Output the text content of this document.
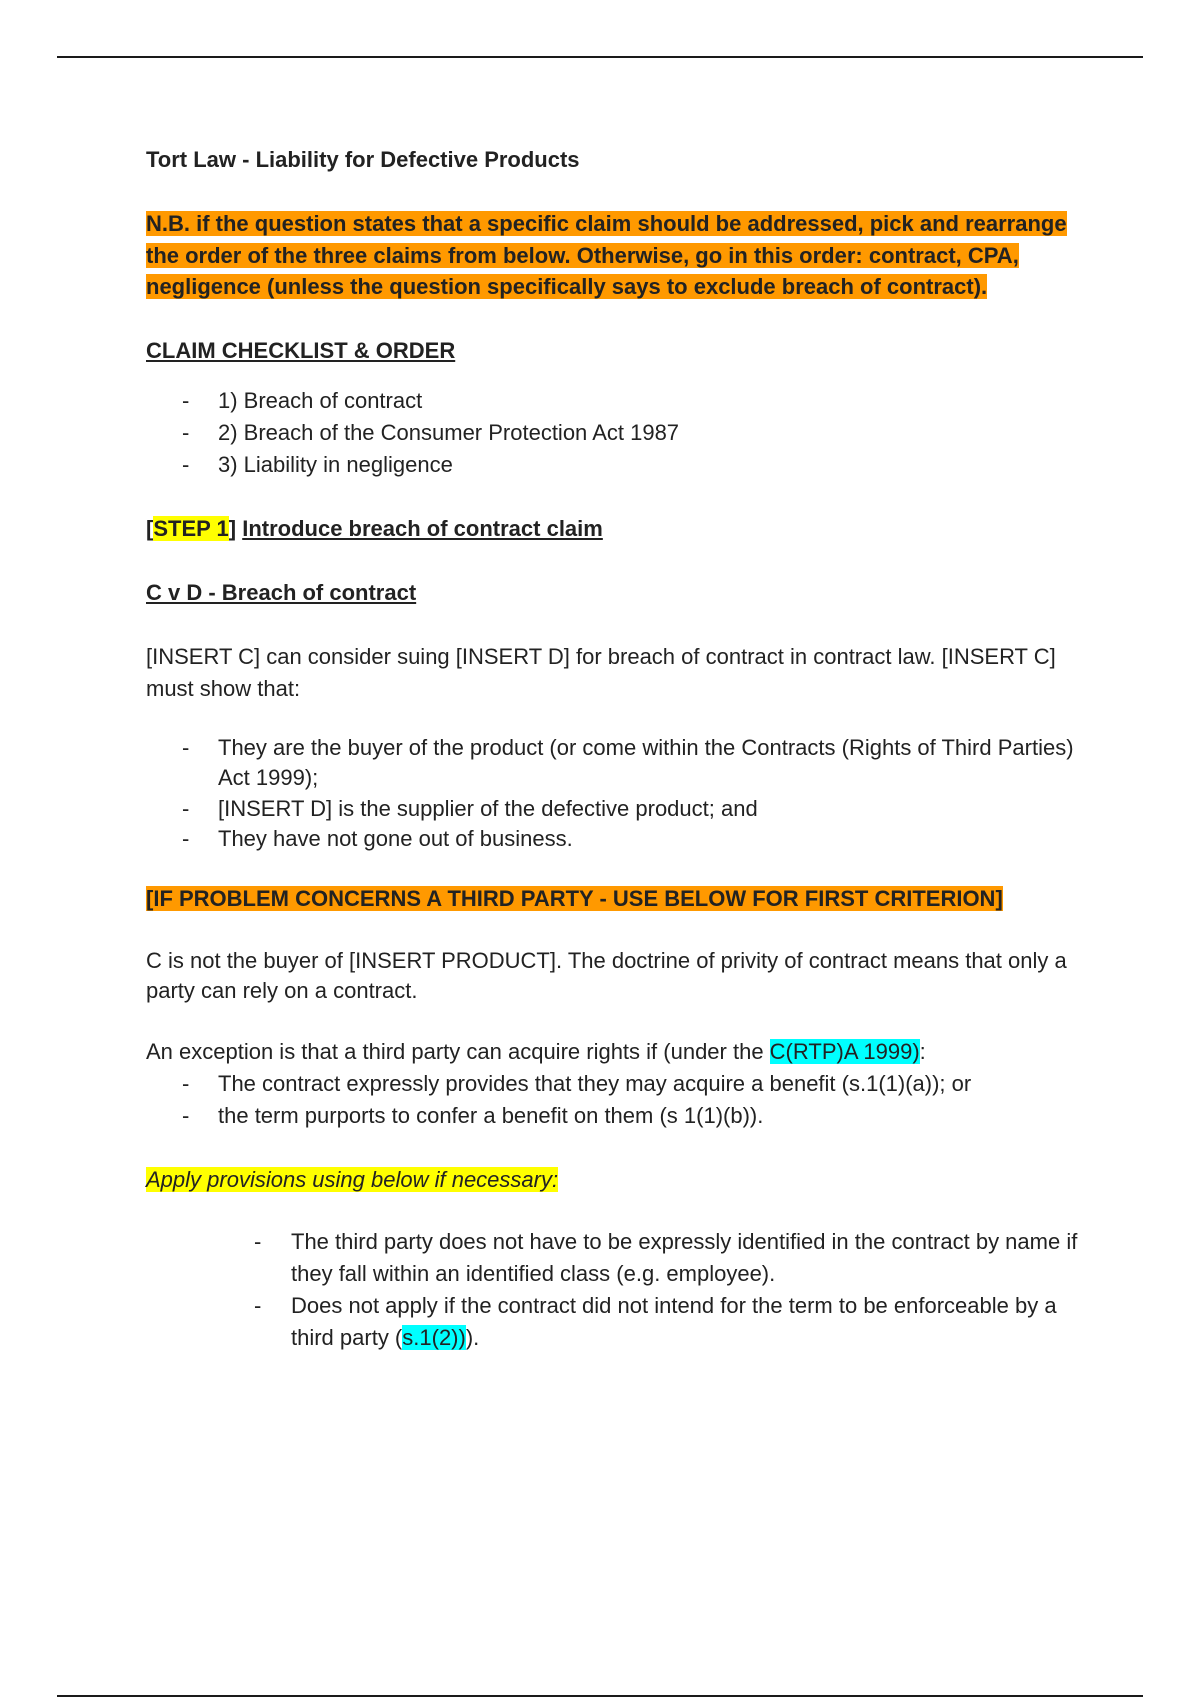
Tort Law - Liability for Defective Products

N.B. if the question states that a specific claim should be addressed, pick and rearrange the order of the three claims from below. Otherwise, go in this order: contract, CPA, negligence (unless the question specifically says to exclude breach of contract).

CLAIM CHECKLIST & ORDER

- 1) Breach of contract
- 2) Breach of the Consumer Protection Act 1987
- 3) Liability in negligence

[STEP 1] Introduce breach of contract claim

C v D - Breach of contract

[INSERT C] can consider suing [INSERT D] for breach of contract in contract law. [INSERT C] must show that:

- They are the buyer of the product (or come within the Contracts (Rights of Third Parties) Act 1999);
- [INSERT D] is the supplier of the defective product; and
- They have not gone out of business.

[IF PROBLEM CONCERNS A THIRD PARTY - USE BELOW FOR FIRST CRITERION]

C is not the buyer of [INSERT PRODUCT]. The doctrine of privity of contract means that only a party can rely on a contract.

An exception is that a third party can acquire rights if (under the C(RTP)A 1999):

- The contract expressly provides that they may acquire a benefit (s.1(1)(a)); or
- the term purports to confer a benefit on them (s 1(1)(b)).

Apply provisions using below if necessary:

- The third party does not have to be expressly identified in the contract by name if they fall within an identified class (e.g. employee).
- Does not apply if the contract did not intend for the term to be enforceable by a third party (s.1(2))).
